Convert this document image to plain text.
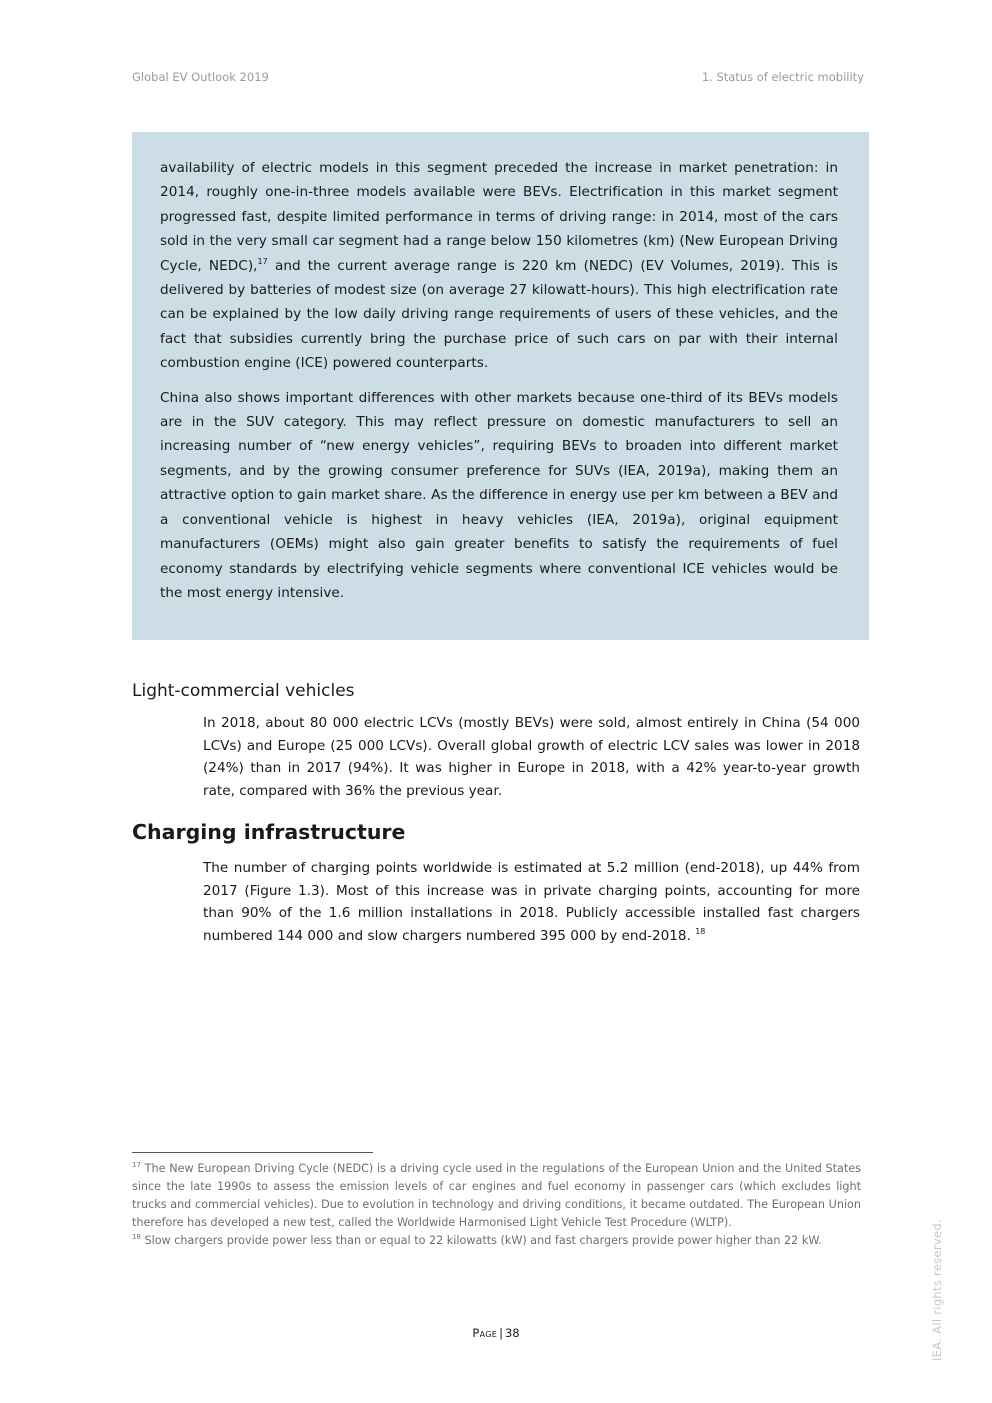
Global EV Outlook 2019	1. Status of electric mobility

availability of electric models in this segment preceded the increase in market penetration: in 2014, roughly one-in-three models available were BEVs. Electrification in this market segment progressed fast, despite limited performance in terms of driving range: in 2014, most of the cars sold in the very small car segment had a range below 150 kilometres (km) (New European Driving Cycle, NEDC),$^{17}$ and the current average range is 220 km (NEDC) (EV Volumes, 2019). This is delivered by batteries of modest size (on average 27 kilowatt-hours). This high electrification rate can be explained by the low daily driving range requirements of users of these vehicles, and the fact that subsidies currently bring the purchase price of such cars on par with their internal combustion engine (ICE) powered counterparts.

China also shows important differences with other markets because one-third of its BEVs models are in the SUV category. This may reflect pressure on domestic manufacturers to sell an increasing number of “new energy vehicles”, requiring BEVs to broaden into different market segments, and by the growing consumer preference for SUVs (IEA, 2019a), making them an attractive option to gain market share. As the difference in energy use per km between a BEV and a conventional vehicle is highest in heavy vehicles (IEA, 2019a), original equipment manufacturers (OEMs) might also gain greater benefits to satisfy the requirements of fuel economy standards by electrifying vehicle segments where conventional ICE vehicles would be the most energy intensive.

Light-commercial vehicles

In 2018, about 80 000 electric LCVs (mostly BEVs) were sold, almost entirely in China (54 000 LCVs) and Europe (25 000 LCVs). Overall global growth of electric LCV sales was lower in 2018 (24%) than in 2017 (94%). It was higher in Europe in 2018, with a 42% year-to-year growth rate, compared with 36% the previous year.

Charging infrastructure

The number of charging points worldwide is estimated at 5.2 million (end-2018), up 44% from 2017 (Figure 1.3). Most of this increase was in private charging points, accounting for more than 90% of the 1.6 million installations in 2018. Publicly accessible installed fast chargers numbered 144 000 and slow chargers numbered 395 000 by end-2018. $^{18}$

$^{17}$ The New European Driving Cycle (NEDC) is a driving cycle used in the regulations of the European Union and the United States since the late 1990s to assess the emission levels of car engines and fuel economy in passenger cars (which excludes light trucks and commercial vehicles). Due to evolution in technology and driving conditions, it became outdated. The European Union therefore has developed a new test, called the Worldwide Harmonised Light Vehicle Test Procedure (WLTP).

$^{18}$ Slow chargers provide power less than or equal to 22 kilowatts (kW) and fast chargers provide power higher than 22 kW.

Page | 38	IEA. All rights reserved.
